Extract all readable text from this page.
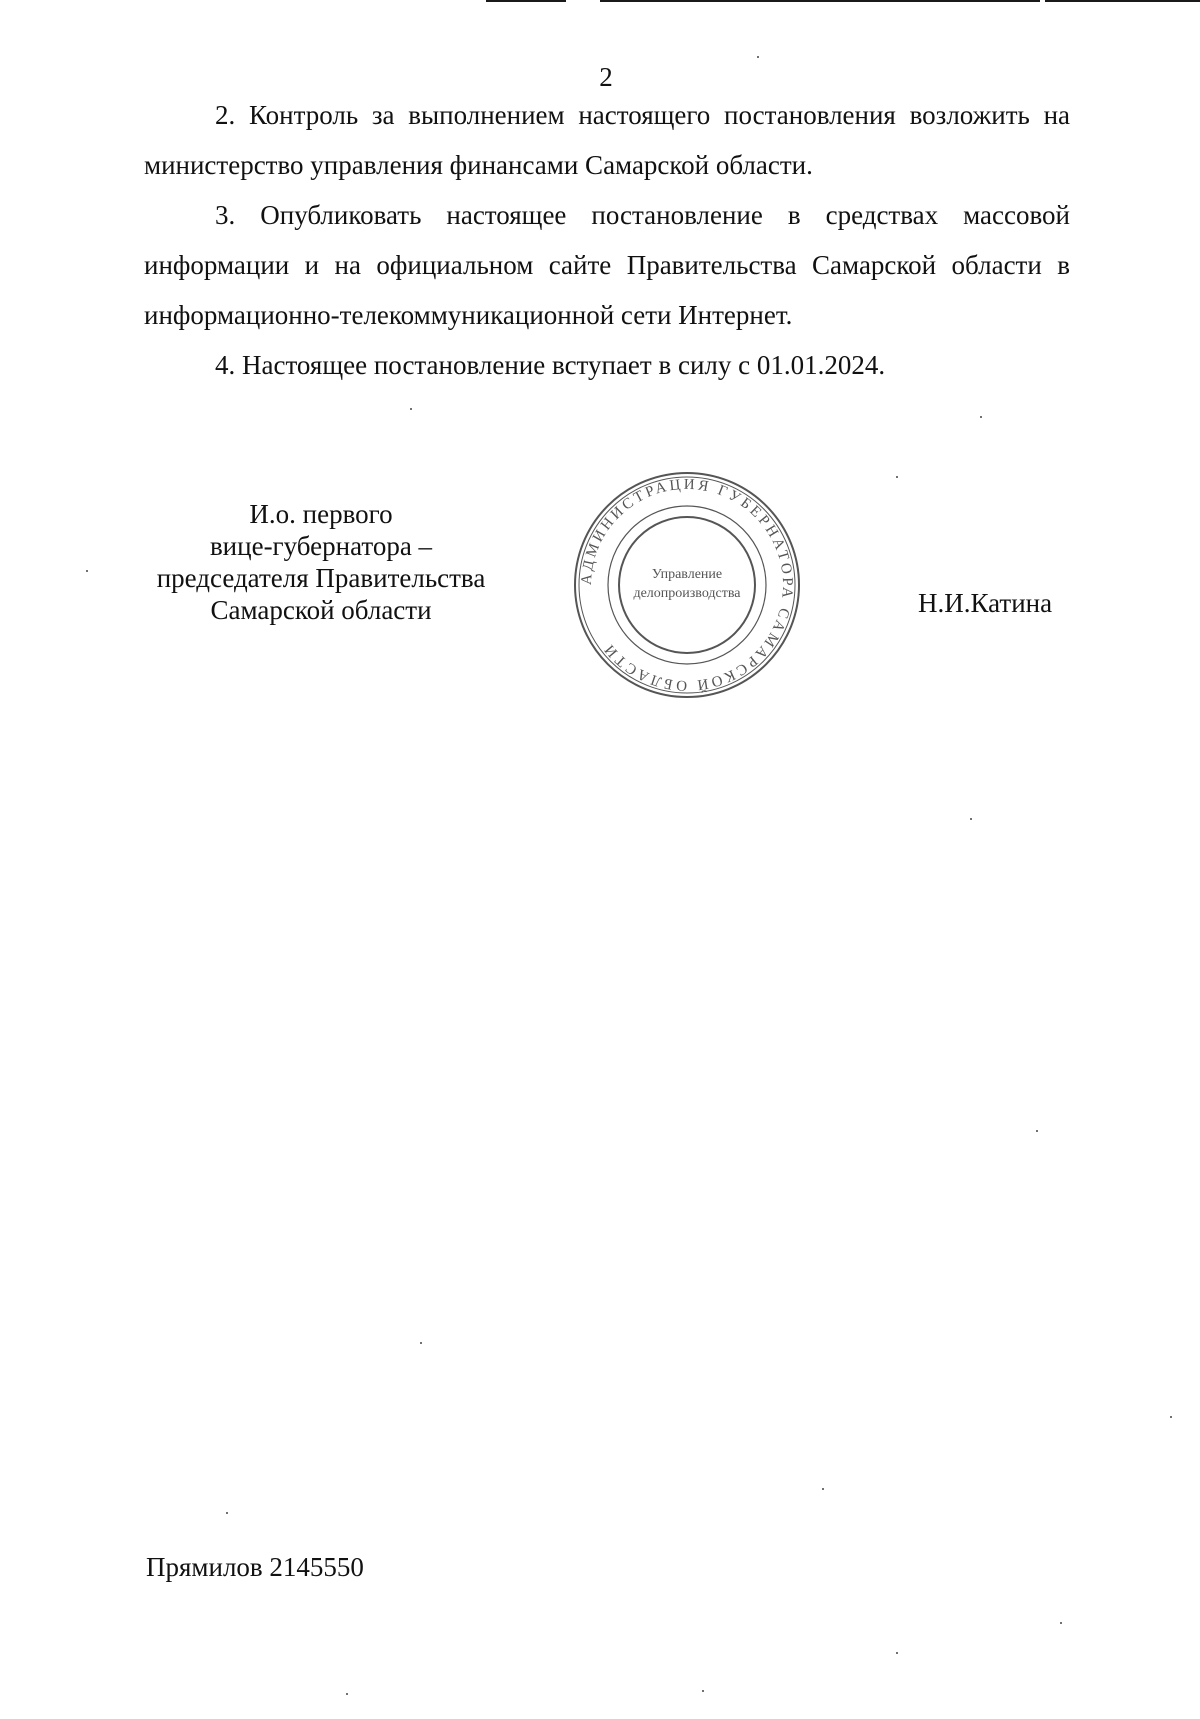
2

2. Контроль за выполнением настоящего постановления возложить на министерство управления финансами Самарской области.

3. Опубликовать настоящее постановление в средствах массовой информации и на официальном сайте Правительства Самарской области в информационно-телекоммуникационной сети Интернет.

4. Настоящее постановление вступает в силу с 01.01.2024.

И.о. первого
вице-губернатора –
председателя Правительства
Самарской области
АДМИНИСТРАЦИЯ ГУБЕРНАТОРА САМАРСКОЙ ОБЛАСТИ
Управление
делопроизводства	Н.И.Катина
Прямилов 2145550
